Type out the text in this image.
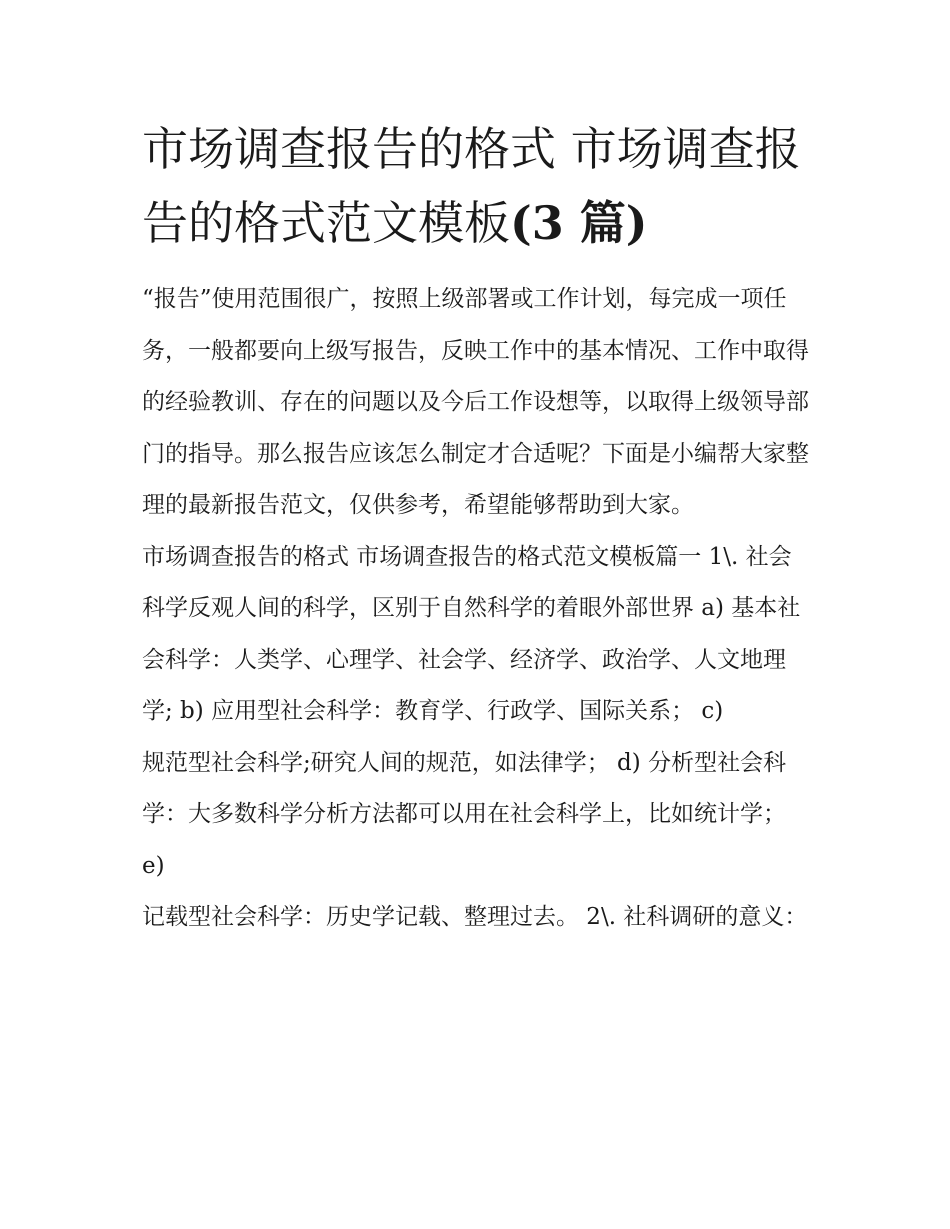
市场调查报告的格式 市场调查报告的格式范文模板(3 篇)

“报告”使用范围很广，按照上级部署或工作计划，每完成一项任务，一般都要向上级写报告，反映工作中的基本情况、工作中取得的经验教训、存在的问题以及今后工作设想等，以取得上级领导部门的指导。那么报告应该怎么制定才合适呢？下面是小编帮大家整理的最新报告范文，仅供参考，希望能够帮助到大家。

市场调查报告的格式 市场调查报告的格式范文模板篇一 1\. 社会科学反观人间的科学，区别于自然科学的着眼外部世界 a) 基本社会科学：人类学、心理学、社会学、经济学、政治学、人文地理学; b) 应用型社会科学：教育学、行政学、国际关系； c)

规范型社会科学;研究人间的规范，如法律学； d) 分析型社会科学：大多数科学分析方法都可以用在社会科学上，比如统计学； e)

记载型社会科学：历史学记载、整理过去。 2\. 社科调研的意义：
